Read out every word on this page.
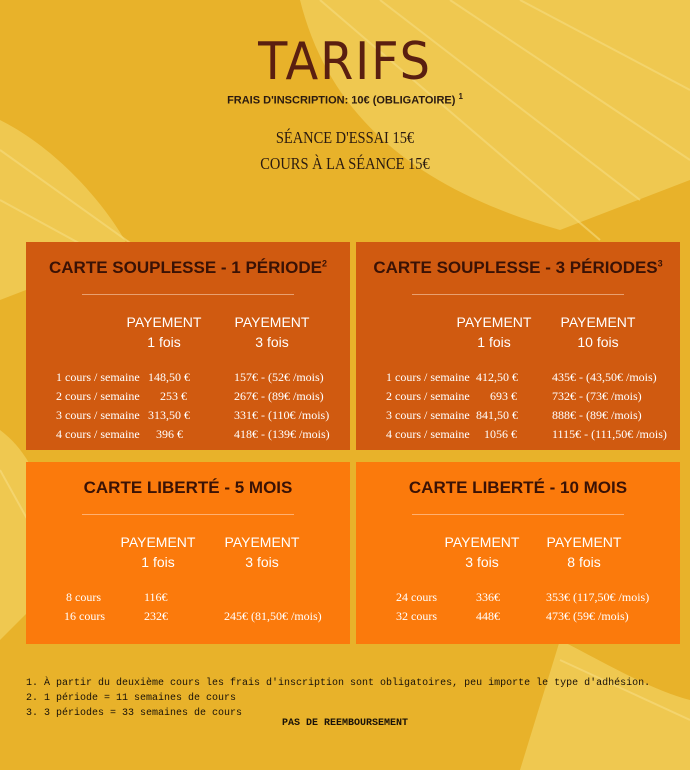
TARIFS
FRAIS D'INSCRIPTION: 10€ (OBLIGATOIRE) $^1$
SÉANCE D'ESSAI 15€
COURS À LA SÉANCE 15€
CARTE SOUPLESSE - 1 PÉRIODE$^2$
PAYEMENT
1 fois
PAYEMENT
3 fois
1 cours / semaine 148,50 €	157€ - (52€ /mois)
2 cours / semaine 253 €	267€ - (89€ /mois)
3 cours / semaine 313,50 €	331€ - (110€ /mois)
4 cours / semaine 396 €	418€ - (139€ /mois)
CARTE SOUPLESSE - 3 PÉRIODES$^3$
PAYEMENT
1 fois
PAYEMENT
10 fois
1 cours / semaine 412,50 €	435€ - (43,50€ /mois)
2 cours / semaine 693 €	732€ - (73€ /mois)
3 cours / semaine 841,50 €	888€ - (89€ /mois)
4 cours / semaine 1056 €	1115€ - (111,50€ /mois)
CARTE LIBERTÉ - 5 MOIS
PAYEMENT
1 fois
PAYEMENT
3 fois
8 cours	116€
16 cours	232€	245€ (81,50€ /mois)
CARTE LIBERTÉ - 10 MOIS
PAYEMENT
3 fois
PAYEMENT
8 fois
24 cours	336€	353€ (117,50€ /mois)
32 cours	448€	473€ (59€ /mois)
1. À partir du deuxième cours les frais d'inscription sont obligatoires, peu importe le type d'adhésion.
2. 1 période = 11 semaines de cours
3. 3 périodes = 33 semaines de cours
PAS DE REEMBOURSEMENT
